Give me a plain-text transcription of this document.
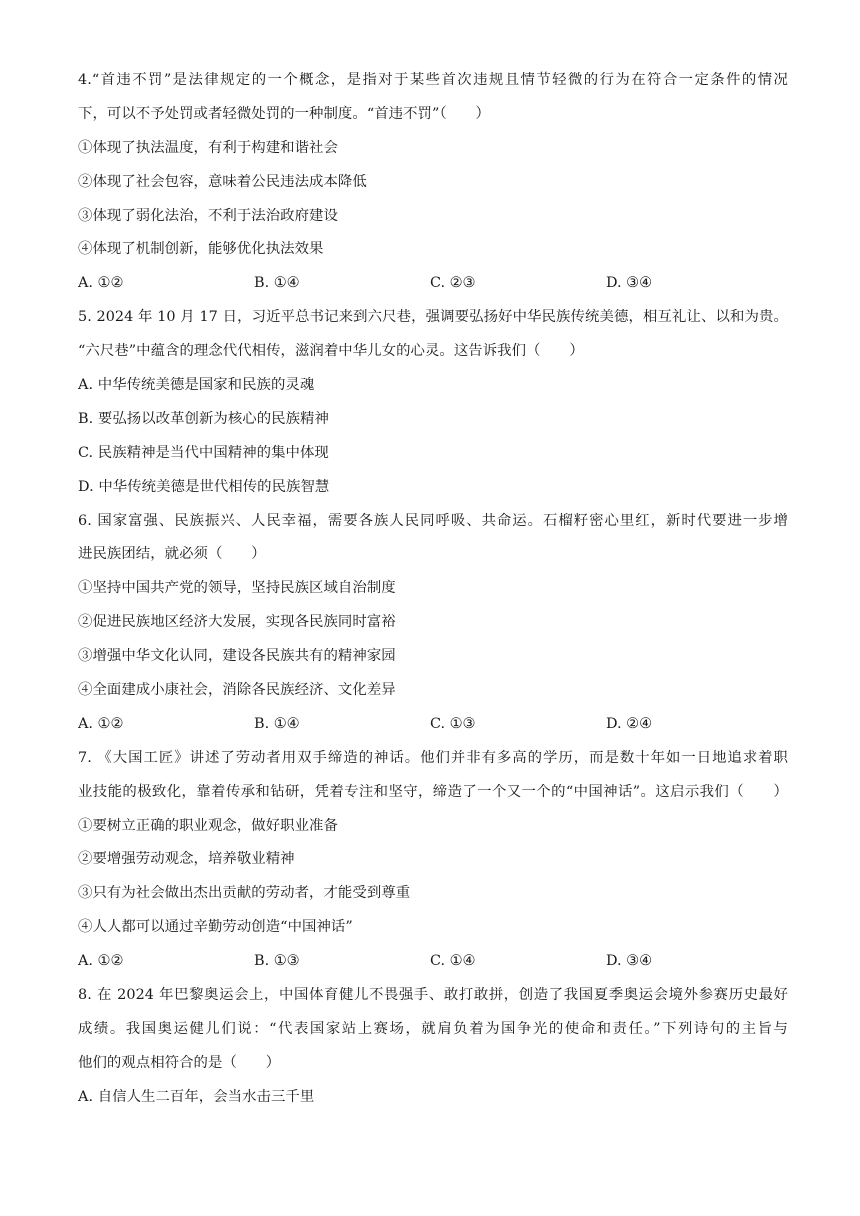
4.“首违不罚”是法律规定的一个概念，是指对于某些首次违规且情节轻微的行为在符合一定条件的情况
下，可以不予处罚或者轻微处罚的一种制度。“首违不罚”（　　）
①体现了执法温度，有利于构建和谐社会
②体现了社会包容，意味着公民违法成本降低
③体现了弱化法治，不利于法治政府建设
④体现了机制创新，能够优化执法效果
A. ①②	B. ①④	C. ②③	D. ③④
5. 2024 年 10 月 17 日，习近平总书记来到六尺巷，强调要弘扬好中华民族传统美德，相互礼让、以和为贵。
“六尺巷”中蕴含的理念代代相传，滋润着中华儿女的心灵。这告诉我们（　　）
A. 中华传统美德是国家和民族的灵魂
B. 要弘扬以改革创新为核心的民族精神
C. 民族精神是当代中国精神的集中体现
D. 中华传统美德是世代相传的民族智慧
6. 国家富强、民族振兴、人民幸福，需要各族人民同呼吸、共命运。石榴籽密心里红，新时代要进一步增
进民族团结，就必须（　　）
①坚持中国共产党的领导，坚持民族区域自治制度
②促进民族地区经济大发展，实现各民族同时富裕
③增强中华文化认同，建设各民族共有的精神家园
④全面建成小康社会，消除各民族经济、文化差异
A. ①②	B. ①④	C. ①③	D. ②④
7. 《大国工匠》讲述了劳动者用双手缔造的神话。他们并非有多高的学历，而是数十年如一日地追求着职
业技能的极致化，靠着传承和钻研，凭着专注和坚守，缔造了一个又一个的“中国神话”。这启示我们（　　）
①要树立正确的职业观念，做好职业准备
②要增强劳动观念，培养敬业精神
③只有为社会做出杰出贡献的劳动者，才能受到尊重
④人人都可以通过辛勤劳动创造“中国神话”
A. ①②	B. ①③	C. ①④	D. ③④
8. 在 2024 年巴黎奥运会上，中国体育健儿不畏强手、敢打敢拼，创造了我国夏季奥运会境外参赛历史最好
成绩。我国奥运健儿们说：“代表国家站上赛场，就肩负着为国争光的使命和责任。”下列诗句的主旨与
他们的观点相符合的是（　　）
A. 自信人生二百年，会当水击三千里
